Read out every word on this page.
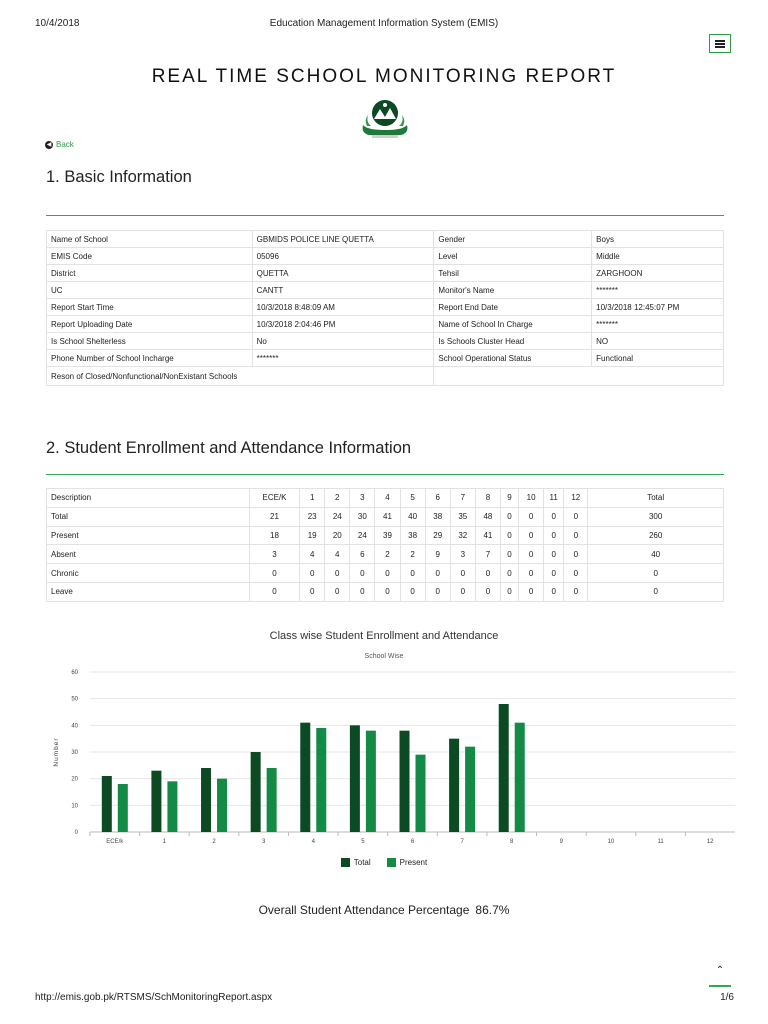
10/4/2018	Education Management Information System (EMIS)
REAL TIME SCHOOL MONITORING REPORT
◀ Back
1. Basic Information
Name of School	GBMIDS POLICE LINE QUETTA	Gender	Boys
EMIS Code	05096	Level	Middle
District	QUETTA	Tehsil	ZARGHOON
UC	CANTT	Monitor's Name	*******
Report Start Time	10/3/2018 8:48:09 AM	Report End Date	10/3/2018 12:45:07 PM
Report Uploading Date	10/3/2018 2:04:46 PM	Name of School In Charge	*******
Is School Shelterless	No	Is Schools Cluster Head	NO
Phone Number of School Incharge	*******	School Operational Status	Functional
Reson of Closed/Nonfunctional/NonExistant Schools			
2. Student Enrollment and Attendance Information
Description	ECE/K	1	2	3	4	5	6	7	8	9	10	11	12	Total
Total	21	23	24	30	41	40	38	35	48	0	0	0	0	300
Present	18	19	20	24	39	38	29	32	41	0	0	0	0	260
Absent	3	4	4	6	2	2	9	3	7	0	0	0	0	40
Chronic	0	0	0	0	0	0	0	0	0	0	0	0	0	0
Leave	0	0	0	0	0	0	0	0	0	0	0	0	0	0
Class wise Student Enrollment and Attendance
School Wise
0
10
20
30
40
50
60
Number
ECE/k	1	2	3	4	5	6	7	8	9	10	11	12
Total	Present
Overall Student Attendance Percentage 86.7%
⌃
http://emis.gob.pk/RTSMS/SchMonitoringReport.aspx	1/6
